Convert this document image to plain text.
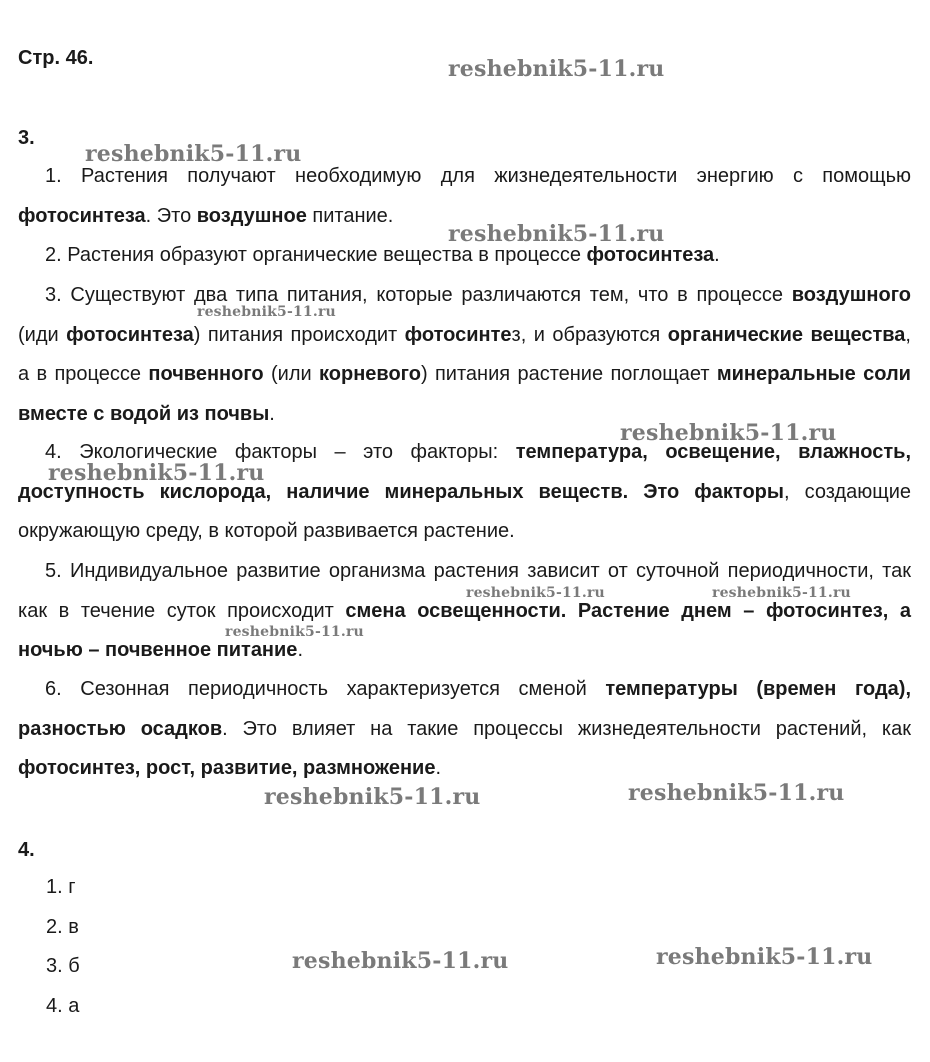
Стр. 46.
3.

1. Растения получают необходимую для жизнедеятельности энергию с помощью фотосинтеза. Это воздушное питание.

2. Растения образуют органические вещества в процессе фотосинтеза.

3. Существуют два типа питания, которые различаются тем, что в процессе воздушного (иди фотосинтеза) питания происходит фотосинтез, и образуются органические вещества, а в процессе почвенного (или корневого) питания растение поглощает минеральные соли вместе с водой из почвы.

4. Экологические факторы – это факторы: температура, освещение, влажность, доступность кислорода, наличие минеральных веществ. Это факторы, создающие окружающую среду, в которой развивается растение.

5. Индивидуальное развитие организма растения зависит от суточной периодичности, так как в течение суток происходит смена освещенности. Растение днем – фотосинтез, а ночью – почвенное питание.

6. Сезонная периодичность характеризуется сменой температуры (времен года), разностью осадков. Это влияет на такие процессы жизнедеятельности растений, как фотосинтез, рост, развитие, размножение.

4.
1. г
2. в
3. б
4. а
reshebnik5-11.ru
reshebnik5-11.ru
reshebnik5-11.ru
reshebnik5-11.ru
reshebnik5-11.ru
reshebnik5-11.ru
reshebnik5-11.ru	reshebnik5-11.ru
reshebnik5-11.ru
reshebnik5-11.ru	reshebnik5-11.ru
reshebnik5-11.ru	reshebnik5-11.ru
